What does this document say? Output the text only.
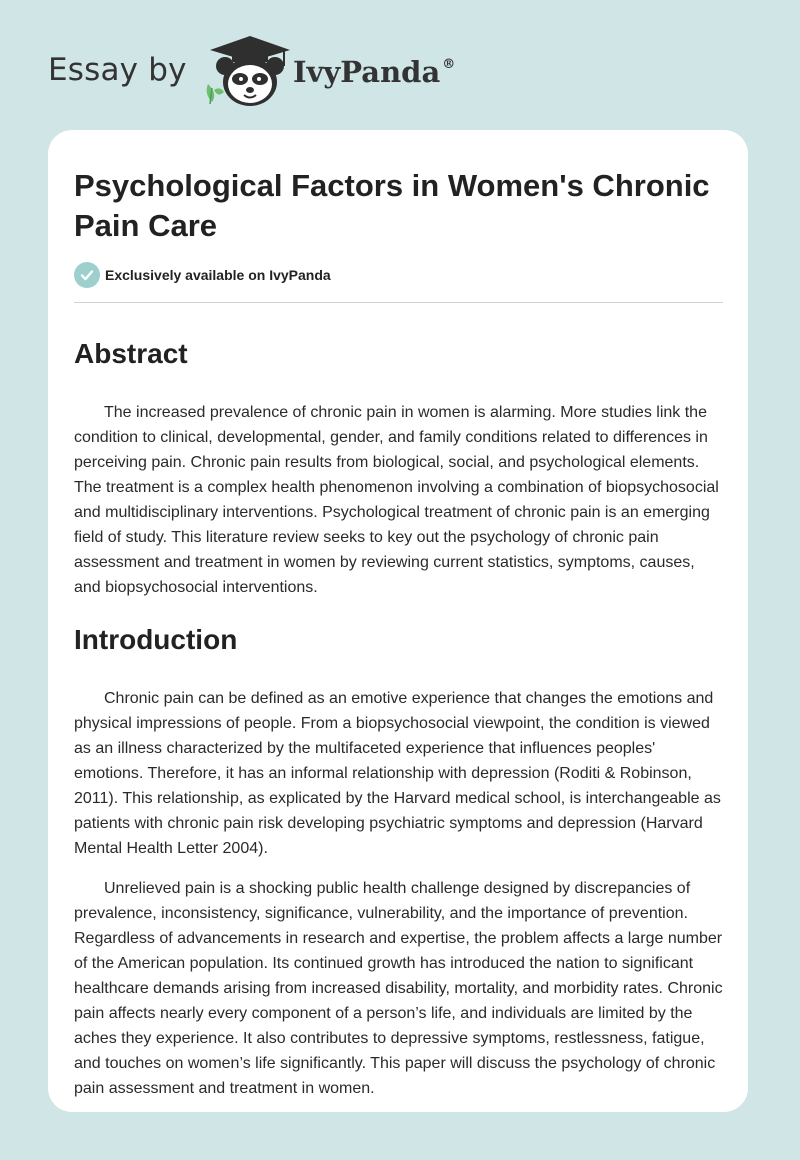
Essay by	IvyPanda ®
Psychological Factors in Women's Chronic Pain Care
Exclusively available on IvyPanda
Abstract

The increased prevalence of chronic pain in women is alarming. More studies link the condition to clinical, developmental, gender, and family conditions related to differences in perceiving pain. Chronic pain results from biological, social, and psychological elements. The treatment is a complex health phenomenon involving a combination of biopsychosocial and multidisciplinary interventions. Psychological treatment of chronic pain is an emerging field of study. This literature review seeks to key out the psychology of chronic pain assessment and treatment in women by reviewing current statistics, symptoms, causes, and biopsychosocial interventions.

Introduction

Chronic pain can be defined as an emotive experience that changes the emotions and physical impressions of people. From a biopsychosocial viewpoint, the condition is viewed as an illness characterized by the multifaceted experience that influences peoples' emotions. Therefore, it has an informal relationship with depression (Roditi & Robinson, 2011). This relationship, as explicated by the Harvard medical school, is interchangeable as patients with chronic pain risk developing psychiatric symptoms and depression (Harvard Mental Health Letter 2004).

Unrelieved pain is a shocking public health challenge designed by discrepancies of prevalence, inconsistency, significance, vulnerability, and the importance of prevention. Regardless of advancements in research and expertise, the problem affects a large number of the American population. Its continued growth has introduced the nation to significant healthcare demands arising from increased disability, mortality, and morbidity rates. Chronic pain affects nearly every component of a person’s life, and individuals are limited by the aches they experience. It also contributes to depressive symptoms, restlessness, fatigue, and touches on women’s life significantly. This paper will discuss the psychology of chronic pain assessment and treatment in women.
